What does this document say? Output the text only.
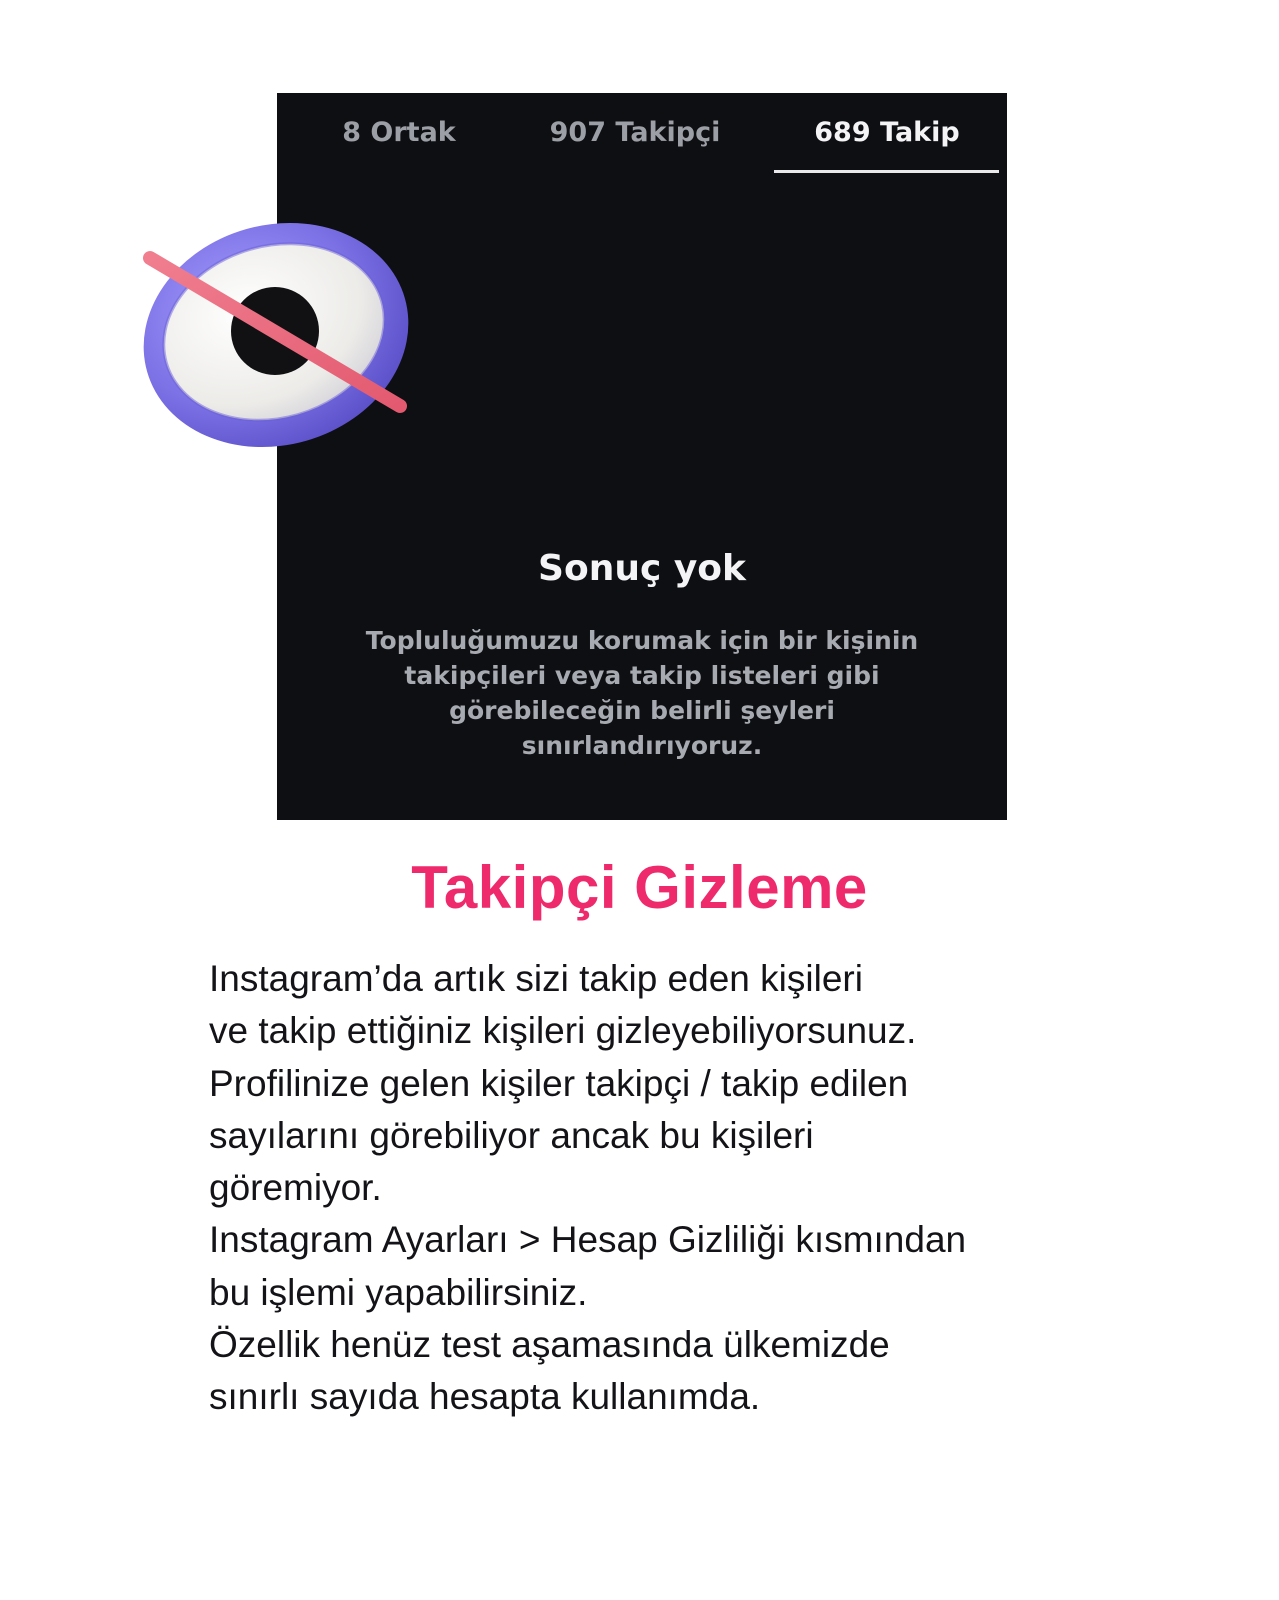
8 Ortak	907 Takipçi	689 Takip
Sonuç yok
Topluluğumuzu korumak için bir kişinin takipçileri veya takip listeleri gibi görebileceğin belirli şeyleri sınırlandırıyoruz.
Takipçi Gizleme
Instagram’da artık sizi takip eden kişileri
ve takip ettiğiniz kişileri gizleyebiliyorsunuz.
Profilinize gelen kişiler takipçi / takip edilen
sayılarını görebiliyor ancak bu kişileri
göremiyor.
Instagram Ayarları > Hesap Gizliliği kısmından
bu işlemi yapabilirsiniz.
Özellik henüz test aşamasında ülkemizde
sınırlı sayıda hesapta kullanımda.
